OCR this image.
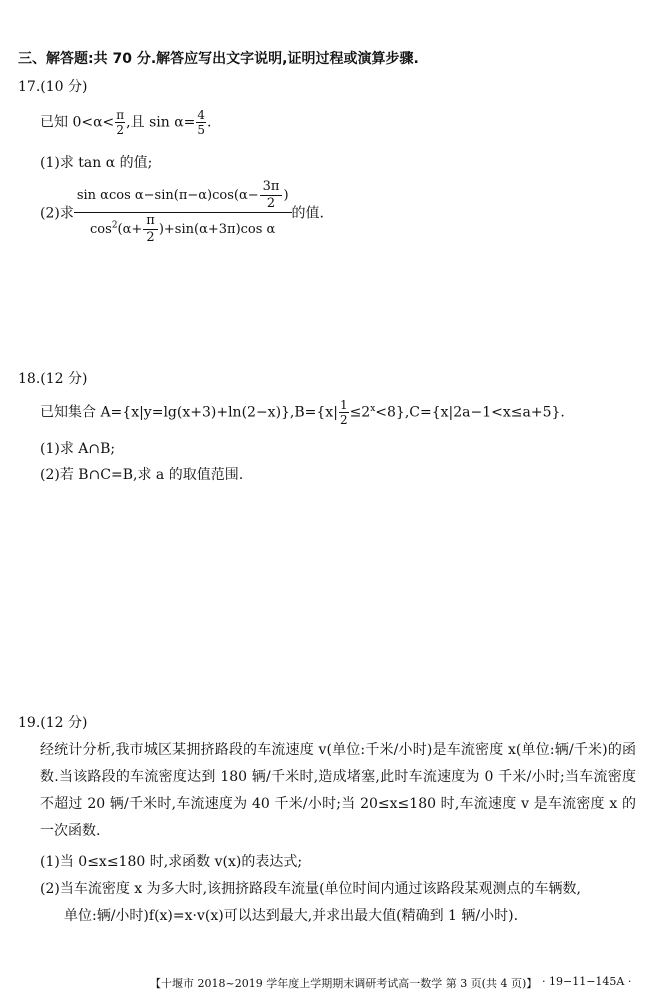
三、解答题:共 70 分.解答应写出文字说明,证明过程或演算步骤.
17.(10 分)
已知 $0<\alpha< \frac{\pi}{2}$ ,且 $\sin \alpha= \frac{4}{5}$ .
(1)求 tan α 的值;
(2)求 $\frac{\sin \alpha\cos \alpha-\sin(\pi-\alpha)\cos(\alpha- \frac{3\pi}{2} )}{\cos^2(\alpha+ \frac{\pi}{2} )+\sin(\alpha+3\pi)\cos \alpha}$ 的值.
18.(12 分)
已知集合 $A=\{x|y=\lg(x+3)+\ln(2-x)\},B=\{x| \frac{1}{2} \le 2^x<8\},C=\{x|2a-1<x\le a+5\}$.
(1)求 A∩B;
(2)若 B∩C=B,求 a 的取值范围.
19.(12 分)
经统计分析,我市城区某拥挤路段的车流速度 v(单位:千米/小时)是车流密度 x(单位:辆/千米)的函数.当该路段的车流密度达到 180 辆/千米时,造成堵塞,此时车流速度为 0 千米/小时;当车流密度不超过 20 辆/千米时,车流速度为 40 千米/小时;当 20≤x≤180 时,车流速度 v 是车流密度 x 的一次函数.
(1)当 0≤x≤180 时,求函数 v(x)的表达式;
(2)当车流密度 x 为多大时,该拥挤路段车流量(单位时间内通过该路段某观测点的车辆数,
单位:辆/小时)f(x)=x·v(x)可以达到最大,并求出最大值(精确到 1 辆/小时).
【十堰市 2018~2019 学年度上学期期末调研考试高一数学 第 3 页(共 4 页)】 · 19−11−145A ·
